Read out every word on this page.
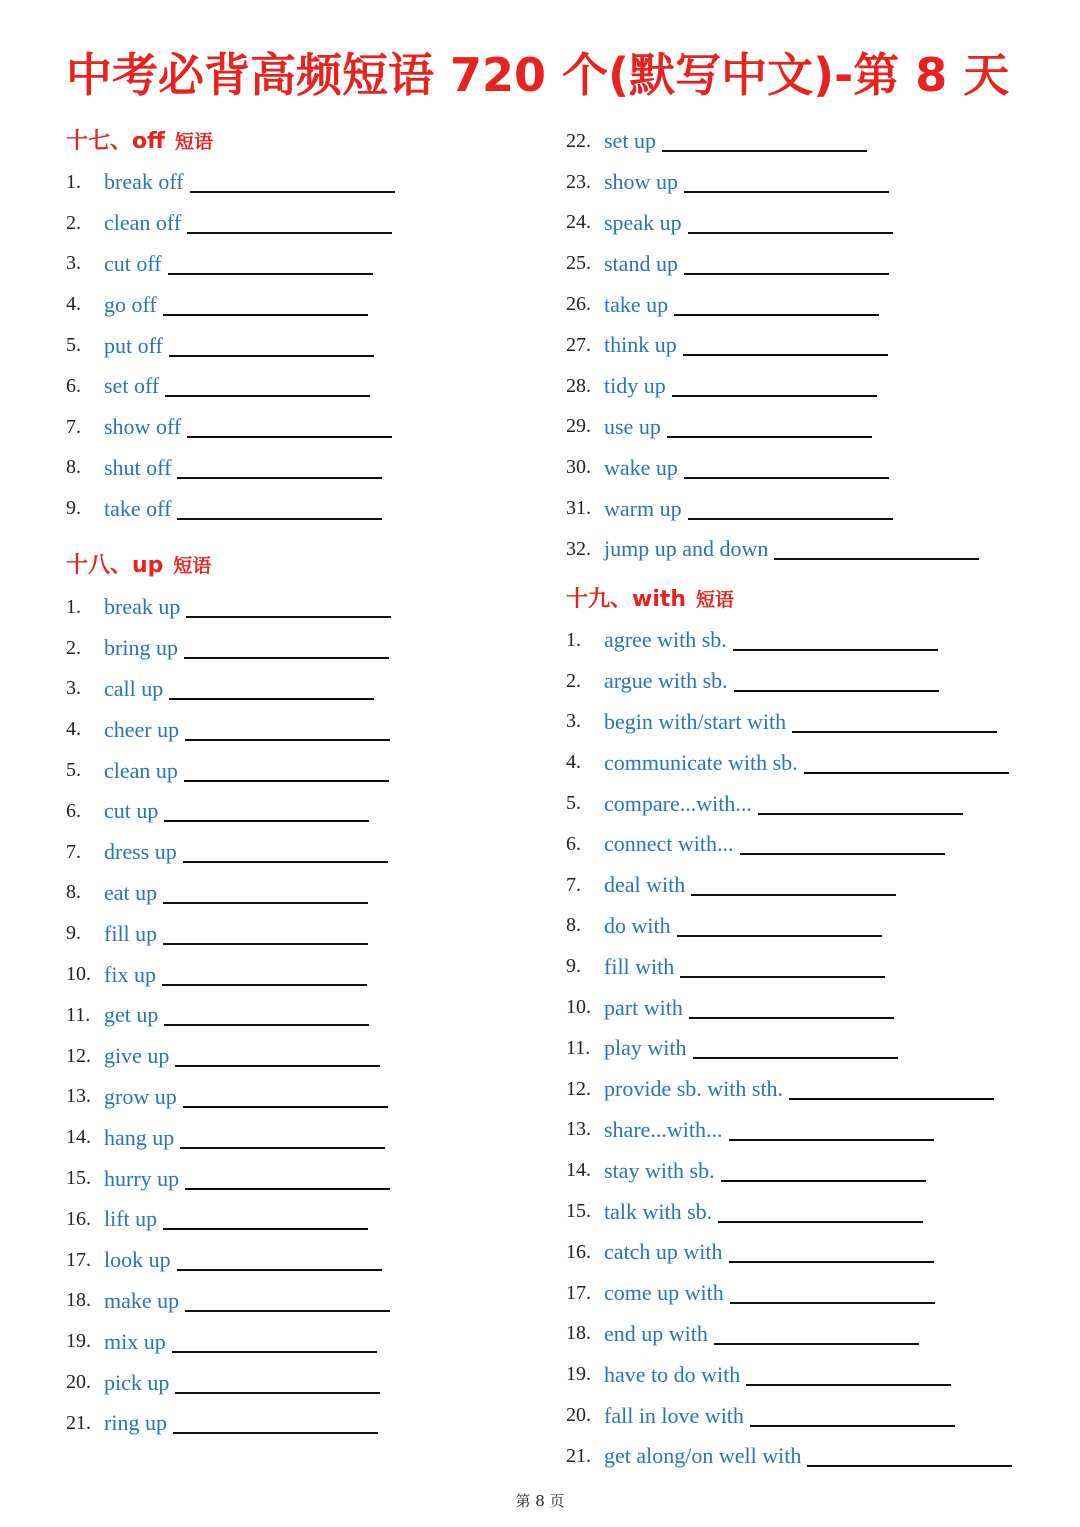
中考必背高频短语 720 个(默写中文)-第 8 天
十七、off 短语
1.	break off
2.	clean off
3.	cut off
4.	go off
5.	put off
6.	set off
7.	show off
8.	shut off
9.	take off
十八、up 短语
1.	break up
2.	bring up
3.	call up
4.	cheer up
5.	clean up
6.	cut up
7.	dress up
8.	eat up
9.	fill up
10. fix up
11. get up
12. give up
13. grow up
14. hang up
15. hurry up
16. lift up
17. look up
18. make up
19. mix up
20. pick up
21. ring up
22. set up
23. show up
24. speak up
25. stand up
26. take up
27. think up
28. tidy up
29. use up
30. wake up
31. warm up
32. jump up and down
十九、with 短语
1.	agree with sb.
2.	argue with sb.
3.	begin with/start with
4.	communicate with sb.
5.	compare...with...
6.	connect with...
7.	deal with
8.	do with
9.	fill with
10. part with
11. play with
12. provide sb. with sth.
13. share...with...
14. stay with sb.
15. talk with sb.
16. catch up with
17. come up with
18. end up with
19. have to do with
20. fall in love with
21. get along/on well with
第 8 页
